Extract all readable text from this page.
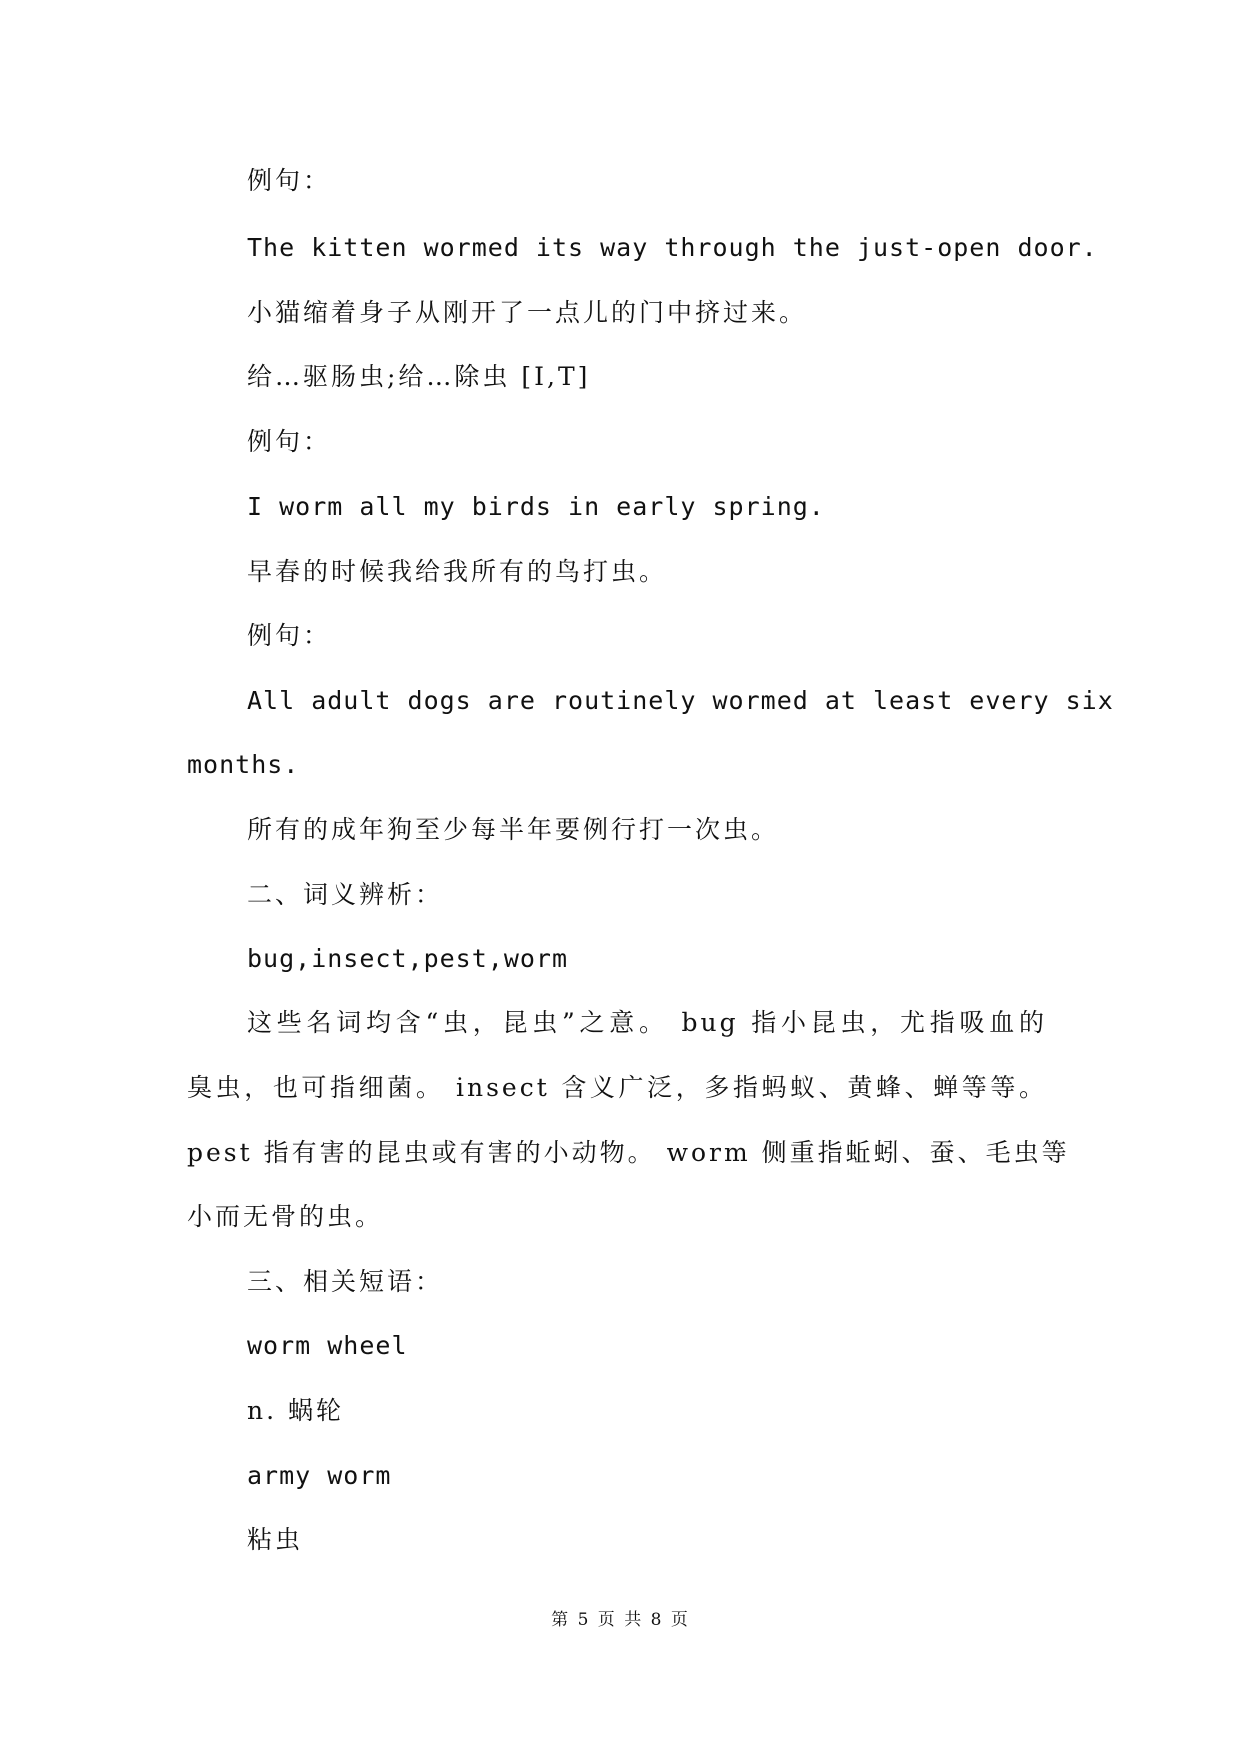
例句：
The kitten wormed its way through the just-open door.
小猫缩着身子从刚开了一点儿的门中挤过来。
给…驱肠虫;给…除虫 [I,T]
例句：
I worm all my birds in early spring.
早春的时候我给我所有的鸟打虫。
例句：
All adult dogs are routinely wormed at least every six
months.
所有的成年狗至少每半年要例行打一次虫。
二、词义辨析：
bug,insect,pest,worm
这些名词均含“虫，昆虫”之意。 bug 指小昆虫，尤指吸血的
臭虫，也可指细菌。 insect 含义广泛，多指蚂蚁、黄蜂、蝉等等。
pest 指有害的昆虫或有害的小动物。 worm 侧重指蚯蚓、蚕、毛虫等
小而无骨的虫。
三、相关短语：
worm wheel
n. 蜗轮
army worm
粘虫
第 5 页 共 8 页
